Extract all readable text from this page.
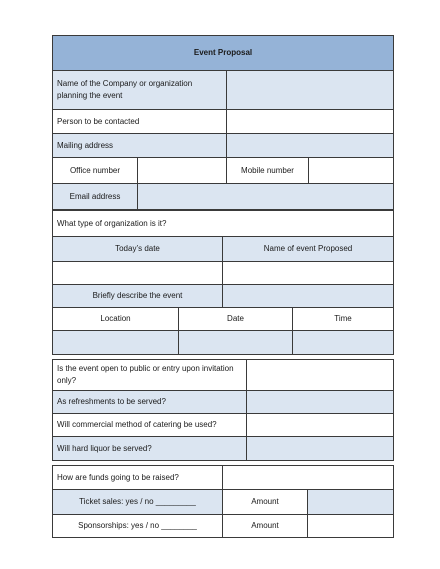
Event Proposal			
Name of the Company or organization planning the event			
Person to be contacted			
Mailing address			
Office number		Mobile number	
Email address			
What type of organization is it?			
Today’s date		Name of event Proposed	

Briefly describe the event			
Location	Date		Time

Is the event open to public or entry upon invitation only?	
As refreshments to be served?	
Will commercial method of catering be used?	
Will hard liquor be served?	
How are funds going to be raised?		
Ticket sales: yes / no _________	Amount	
Sponsorships: yes / no ________	Amount	
